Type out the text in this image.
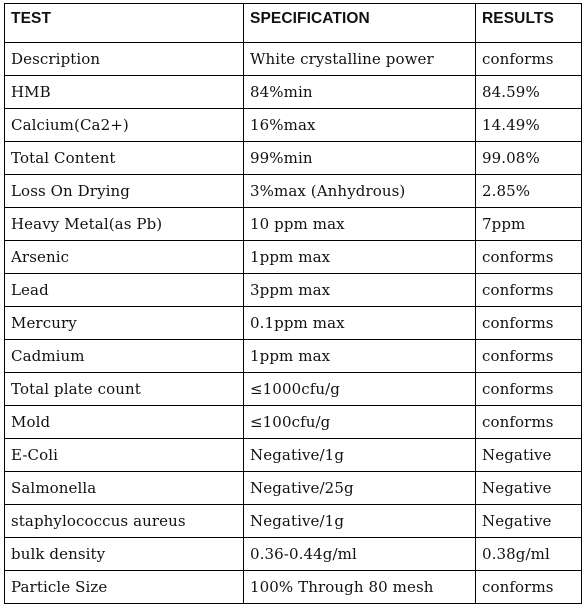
TEST	SPECIFICATION	RESULTS
Description	White crystalline power	conforms
HMB	84%min	84.59%
Calcium(Ca2+)	16%max	14.49%
Total Content	99%min	99.08%
Loss On Drying	3%max (Anhydrous)	2.85%
Heavy Metal(as Pb)	10 ppm max	7ppm
Arsenic	1ppm max	conforms
Lead	3ppm max	conforms
Mercury	0.1ppm max	conforms
Cadmium	1ppm max	conforms
Total plate count	≤1000cfu/g	conforms
Mold	≤100cfu/g	conforms
E-Coli	Negative/1g	Negative
Salmonella	Negative/25g	Negative
staphylococcus aureus	Negative/1g	Negative
bulk density	0.36-0.44g/ml	0.38g/ml
Particle Size	100% Through 80 mesh	conforms
